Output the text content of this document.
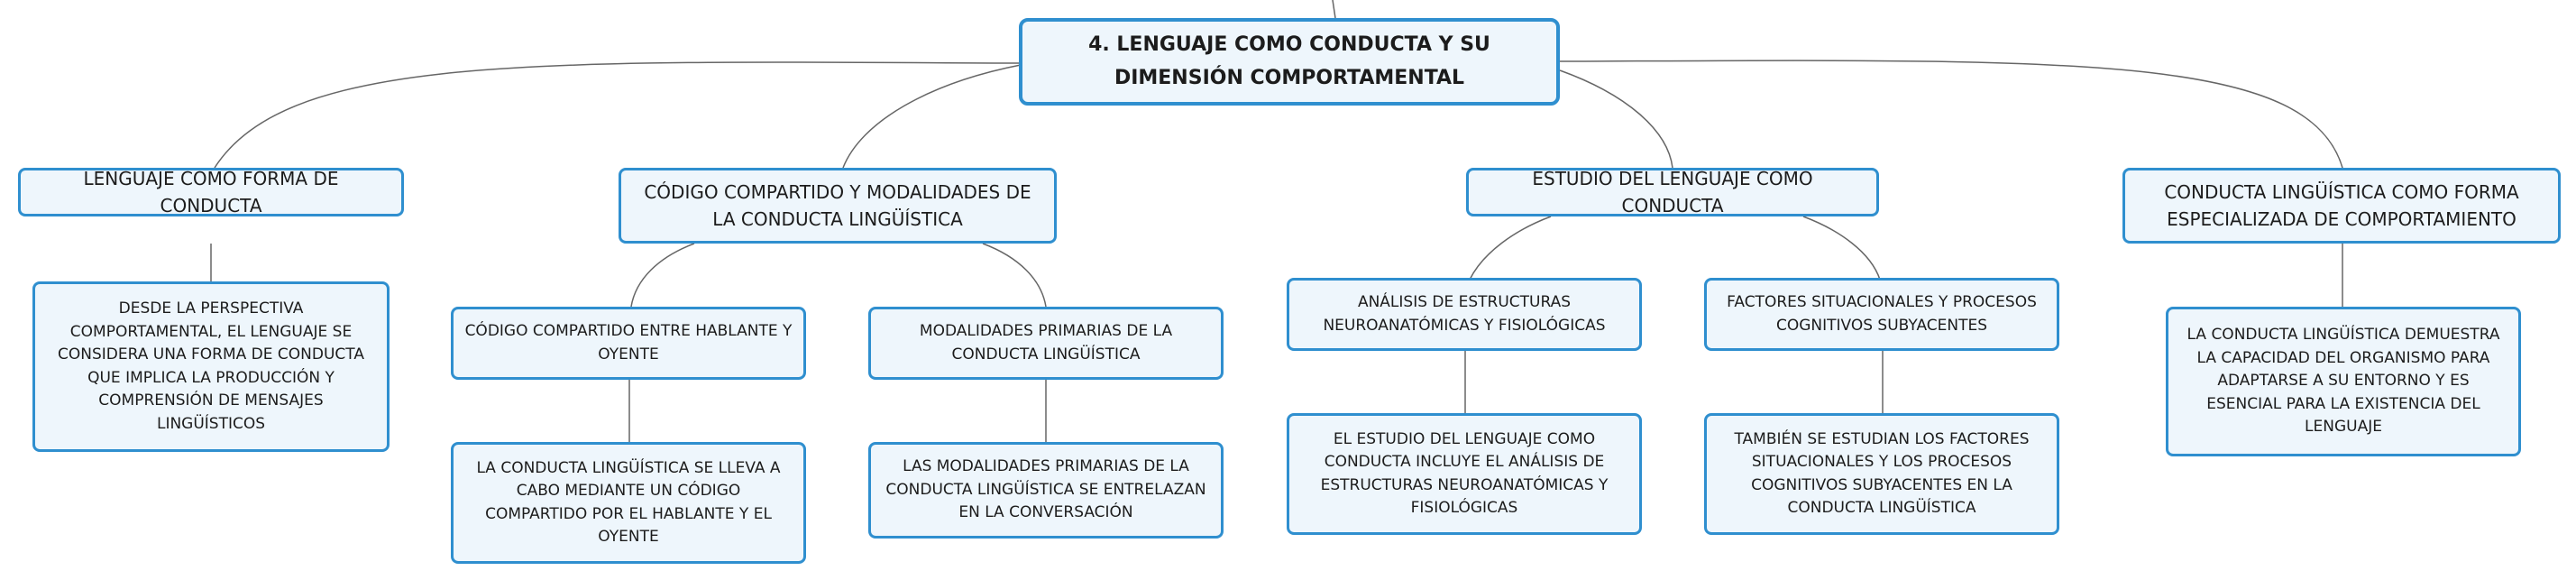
4. LENGUAJE COMO CONDUCTA Y SU DIMENSIÓN COMPORTAMENTAL
LENGUAJE COMO FORMA DE CONDUCTA
CÓDIGO COMPARTIDO Y MODALIDADES DE LA CONDUCTA LINGÜÍSTICA
ESTUDIO DEL LENGUAJE COMO CONDUCTA
CONDUCTA LINGÜÍSTICA COMO FORMA ESPECIALIZADA DE COMPORTAMIENTO
CÓDIGO COMPARTIDO ENTRE HABLANTE Y OYENTE
MODALIDADES PRIMARIAS DE LA CONDUCTA LINGÜÍSTICA
ANÁLISIS DE ESTRUCTURAS NEUROANATÓMICAS Y FISIOLÓGICAS
FACTORES SITUACIONALES Y PROCESOS COGNITIVOS SUBYACENTES
DESDE LA PERSPECTIVA COMPORTAMENTAL, EL LENGUAJE SE CONSIDERA UNA FORMA DE CONDUCTA QUE IMPLICA LA PRODUCCIÓN Y COMPRENSIÓN DE MENSAJES LINGÜÍSTICOS
LA CONDUCTA LINGÜÍSTICA SE LLEVA A CABO MEDIANTE UN CÓDIGO COMPARTIDO POR EL HABLANTE Y EL OYENTE
LAS MODALIDADES PRIMARIAS DE LA CONDUCTA LINGÜÍSTICA SE ENTRELAZAN EN LA CONVERSACIÓN
EL ESTUDIO DEL LENGUAJE COMO CONDUCTA INCLUYE EL ANÁLISIS DE ESTRUCTURAS NEUROANATÓMICAS Y FISIOLÓGICAS
TAMBIÉN SE ESTUDIAN LOS FACTORES SITUACIONALES Y LOS PROCESOS COGNITIVOS SUBYACENTES EN LA CONDUCTA LINGÜÍSTICA
LA CONDUCTA LINGÜÍSTICA DEMUESTRA LA CAPACIDAD DEL ORGANISMO PARA ADAPTARSE A SU ENTORNO Y ES ESENCIAL PARA LA EXISTENCIA DEL LENGUAJE
